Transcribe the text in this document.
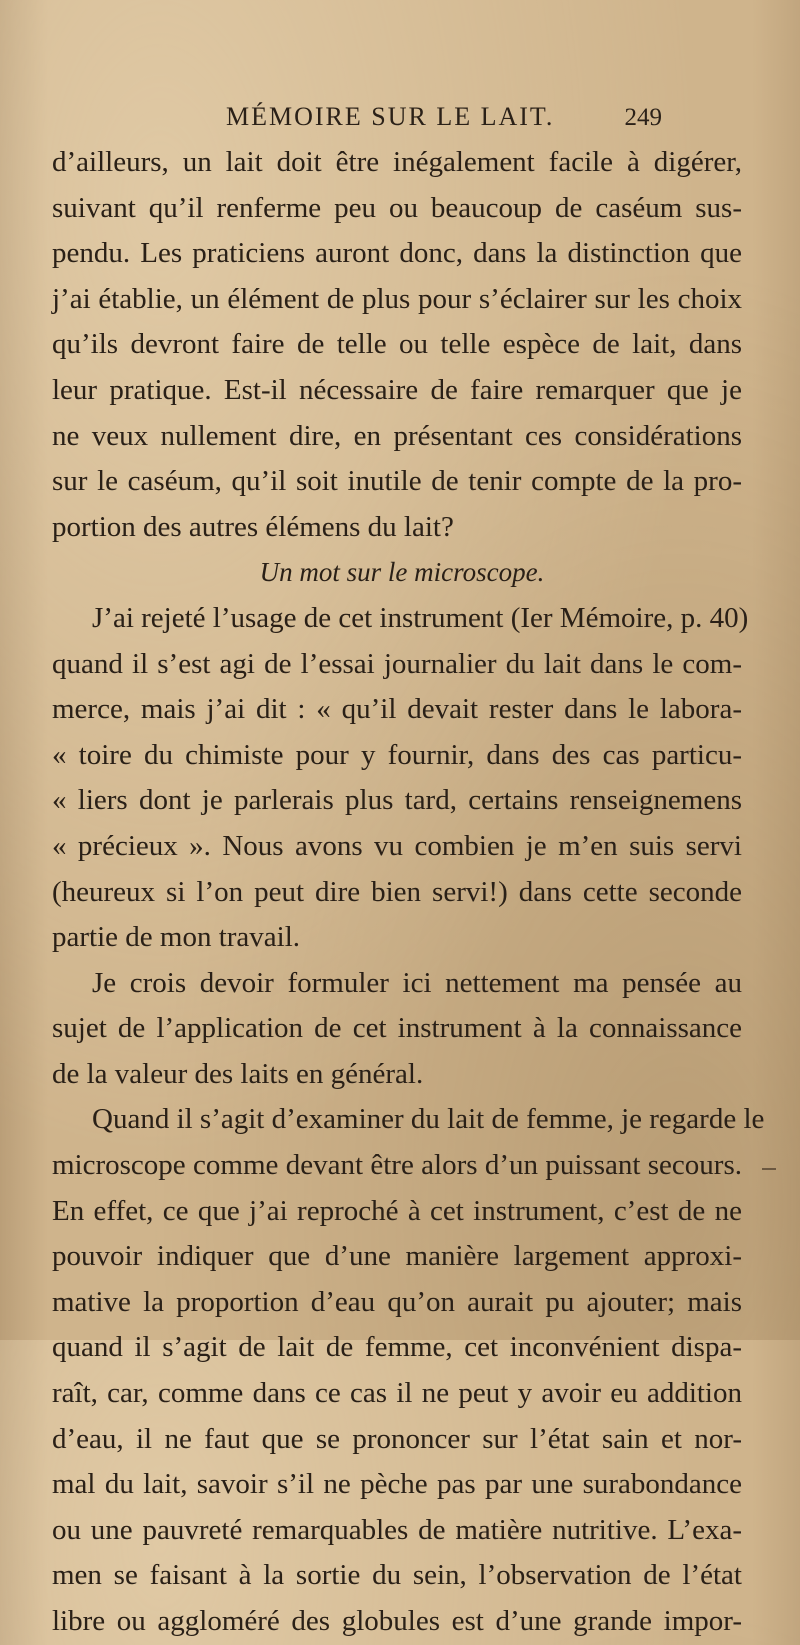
MÉMOIRE SUR LE LAIT.	249
d’ailleurs, un lait doit être inégalement facile à digérer,
suivant qu’il renferme peu ou beaucoup de caséum sus-
pendu. Les praticiens auront donc, dans la distinction que
j’ai établie, un élément de plus pour s’éclairer sur les choix
qu’ils devront faire de telle ou telle espèce de lait, dans
leur pratique. Est-il nécessaire de faire remarquer que je
ne veux nullement dire, en présentant ces considérations
sur le caséum, qu’il soit inutile de tenir compte de la pro-
portion des autres élémens du lait?
Un mot sur le microscope.
J’ai rejeté l’usage de cet instrument (Ier Mémoire, p. 40)
quand il s’est agi de l’essai journalier du lait dans le com-
merce, mais j’ai dit : « qu’il devait rester dans le labora-
« toire du chimiste pour y fournir, dans des cas particu-
« liers dont je parlerais plus tard, certains renseignemens
« précieux ». Nous avons vu combien je m’en suis servi
(heureux si l’on peut dire bien servi!) dans cette seconde
partie de mon travail.
Je crois devoir formuler ici nettement ma pensée au
sujet de l’application de cet instrument à la connaissance
de la valeur des laits en général.
Quand il s’agit d’examiner du lait de femme, je regarde le
microscope comme devant être alors d’un puissant secours.
En effet, ce que j’ai reproché à cet instrument, c’est de ne
pouvoir indiquer que d’une manière largement approxi-
mative la proportion d’eau qu’on aurait pu ajouter; mais
quand il s’agit de lait de femme, cet inconvénient dispa-
raît, car, comme dans ce cas il ne peut y avoir eu addition
d’eau, il ne faut que se prononcer sur l’état sain et nor-
mal du lait, savoir s’il ne pèche pas par une surabondance
ou une pauvreté remarquables de matière nutritive. L’exa-
men se faisant à la sortie du sein, l’observation de l’état
libre ou aggloméré des globules est d’une grande impor-
